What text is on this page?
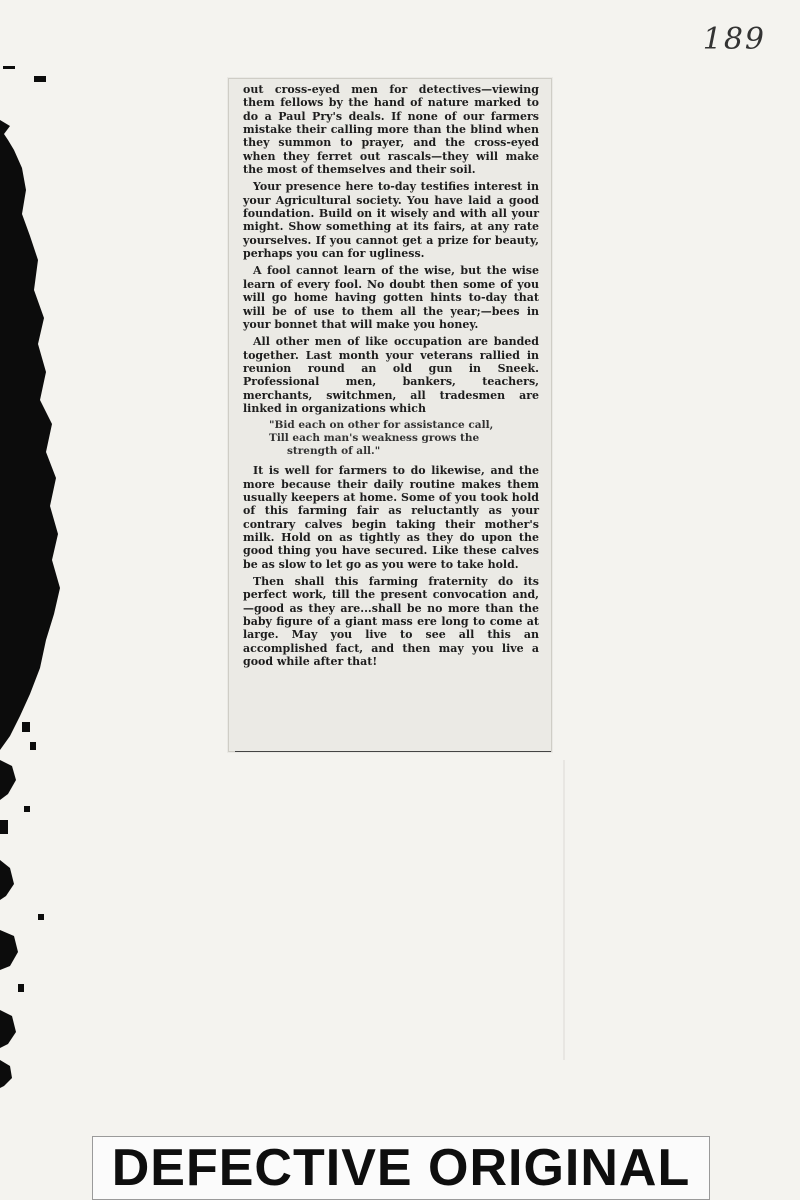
189

out cross-eyed men for detectives—viewing them fellows by the hand of nature marked to do a Paul Pry's deals. If none of our farmers mistake their calling more than the blind when they summon to prayer, and the cross-eyed when they ferret out rascals—they will make the most of themselves and their soil.

Your presence here to-day testifies interest in your Agricultural society. You have laid a good foundation. Build on it wisely and with all your might. Show something at its fairs, at any rate yourselves. If you cannot get a prize for beauty, perhaps you can for ugliness.

A fool cannot learn of the wise, but the wise learn of every fool. No doubt then some of you will go home having gotten hints to-day that will be of use to them all the year;—bees in your bonnet that will make you honey.

All other men of like occupation are banded together. Last month your veterans rallied in reunion round an old gun in Sneek. Professional men, bankers, teachers, merchants, switchmen, all tradesmen are linked in organizations which

"Bid each on other for assistance call,
Till each man's weakness grows the
strength of all."

It is well for farmers to do likewise, and the more because their daily routine makes them usually keepers at home. Some of you took hold of this farming fair as reluctantly as your contrary calves begin taking their mother's milk. Hold on as tightly as they do upon the good thing you have secured. Like these calves be as slow to let go as you were to take hold.

Then shall this farming fraternity do its perfect work, till the present convocation and,—good as they are...shall be no more than the baby figure of a giant mass ere long to come at large. May you live to see all this an accomplished fact, and then may you live a good while after that!

DEFECTIVE ORIGINAL
